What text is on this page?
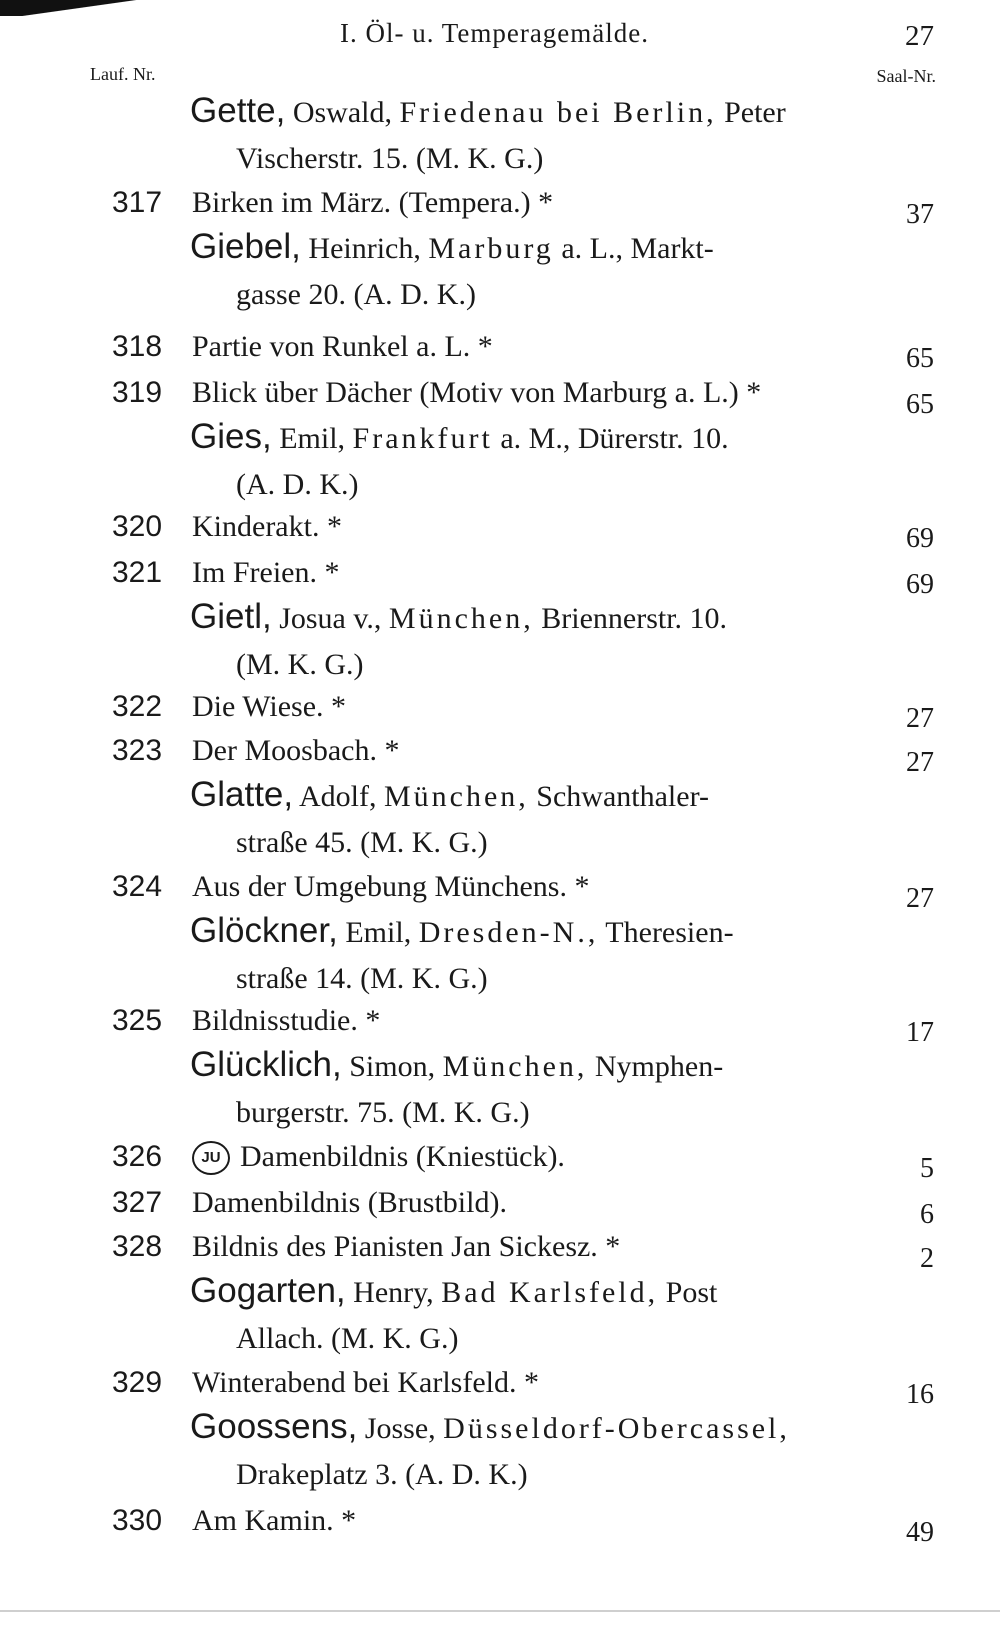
I. Öl- u. Temperagemälde.	27
Lauf. Nr.	Saal-Nr.
Gette, Oswald, Friedenau bei Berlin, Peter
Vischerstr. 15. (M. K. G.)
317 Birken im März. (Tempera.) *	37
Giebel, Heinrich, Marburg a. L., Markt-
gasse 20. (A. D. K.)
318 Partie von Runkel a. L. *	65
319 Blick über Dächer (Motiv von Marburg a. L.) *	65
Gies, Emil, Frankfurt a. M., Dürerstr. 10.
(A. D. K.)
320 Kinderakt. *	69
321 Im Freien. *	69
Gietl, Josua v., München, Briennerstr. 10.
(M. K. G.)
322 Die Wiese. *	27
323 Der Moosbach. *	27
Glatte, Adolf, München, Schwanthaler-
straße 45. (M. K. G.)
324 Aus der Umgebung Münchens. *	27
Glöckner, Emil, Dresden-N., Theresien-
straße 14. (M. K. G.)
325 Bildnisstudie. *	17
Glücklich, Simon, München, Nymphen-
burgerstr. 75. (M. K. G.)
326	JU Damenbildnis (Kniestück).	5
327 Damenbildnis (Brustbild).	6
328 Bildnis des Pianisten Jan Sickesz. *	2
Gogarten, Henry, Bad Karlsfeld, Post
Allach. (M. K. G.)
329 Winterabend bei Karlsfeld. *	16
Goossens, Josse, Düsseldorf-Obercassel,
Drakeplatz 3. (A. D. K.)
330 Am Kamin. *	49
